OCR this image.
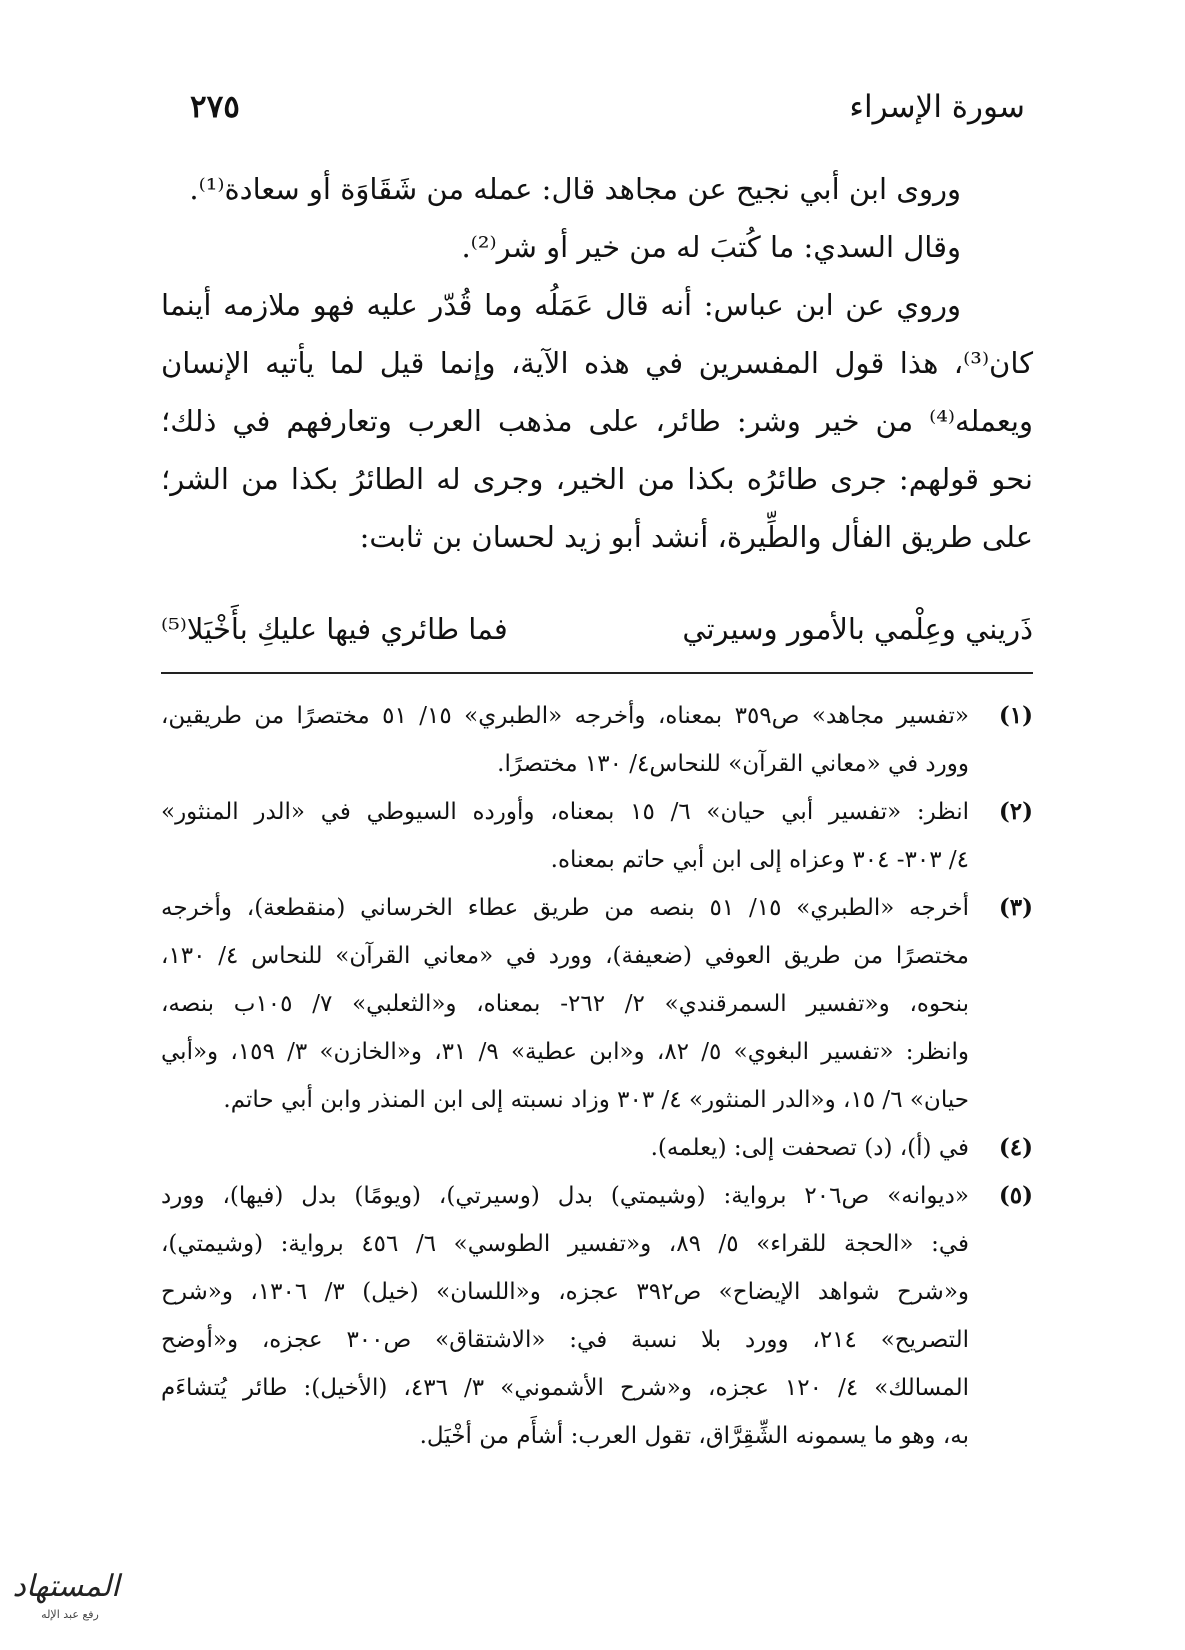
سورة الإسراء
٢٧٥
وروى ابن أبي نجيح عن مجاهد قال: عمله من شَقَاوَة أو سعادة⁽¹⁾.
وقال السدي: ما كُتبَ له من خير أو شر⁽²⁾.
وروي عن ابن عباس: أنه قال عَمَلُه وما قُدّر عليه فهو ملازمه أينما
كان⁽³⁾، هذا قول المفسرين في هذه الآية، وإنما قيل لما يأتيه الإنسان
ويعمله⁽⁴⁾ من خير وشر: طائر، على مذهب العرب وتعارفهم في ذلك؛
نحو قولهم: جرى طائرُه بكذا من الخير، وجرى له الطائرُ بكذا من الشر؛
على طريق الفأل والطِّيرة، أنشد أبو زيد لحسان بن ثابت:
ذَريني وعِلْمي بالأمور وسيرتي
فما طائري فيها عليكِ بأَخْيَلا⁽⁵⁾
(١)
«تفسير مجاهد» ص٣٥٩ بمعناه، وأخرجه «الطبري» ١٥/ ٥١ مختصرًا من طريقين،
وورد في «معاني القرآن» للنحاس٤/ ١٣٠ مختصرًا.
(٢)
انظر: «تفسير أبي حيان» ٦/ ١٥ بمعناه، وأورده السيوطي في «الدر المنثور»
٤/ ٣٠٣- ٣٠٤ وعزاه إلى ابن أبي حاتم بمعناه.
(٣)
أخرجه «الطبري» ١٥/ ٥١ بنصه من طريق عطاء الخرساني (منقطعة)، وأخرجه
مختصرًا من طريق العوفي (ضعيفة)، وورد في «معاني القرآن» للنحاس ٤/ ١٣٠،
بنحوه، و«تفسير السمرقندي» ٢/ ٢٦٢- بمعناه، و«الثعلبي» ٧/ ١٠٥ب بنصه،
وانظر: «تفسير البغوي» ٥/ ٨٢، و«ابن عطية» ٩/ ٣١، و«الخازن» ٣/ ١٥٩، و«أبي
حيان» ٦/ ١٥، و«الدر المنثور» ٤/ ٣٠٣ وزاد نسبته إلى ابن المنذر وابن أبي حاتم.
(٤)
في (أ)، (د) تصحفت إلى: (يعلمه).
(٥)
«ديوانه» ص٢٠٦ برواية: (وشيمتي) بدل (وسيرتي)، (ويومًا) بدل (فيها)، وورد
في: «الحجة للقراء» ٥/ ٨٩، و«تفسير الطوسي» ٦/ ٤٥٦ برواية: (وشيمتي)،
و«شرح شواهد الإيضاح» ص٣٩٢ عجزه، و«اللسان» (خيل) ٣/ ١٣٠٦، و«شرح
التصريح» ٢١٤، وورد بلا نسبة في: «الاشتقاق» ص٣٠٠ عجزه، و«أوضح
المسالك» ٤/ ١٢٠ عجزه، و«شرح الأشموني» ٣/ ٤٣٦، (الأخيل): طائر يُتشاءَم
به، وهو ما يسمونه الشِّقِرَّاق، تقول العرب: أشأَم من أخْيَل.
المستهاد
رفع عبد الإله
